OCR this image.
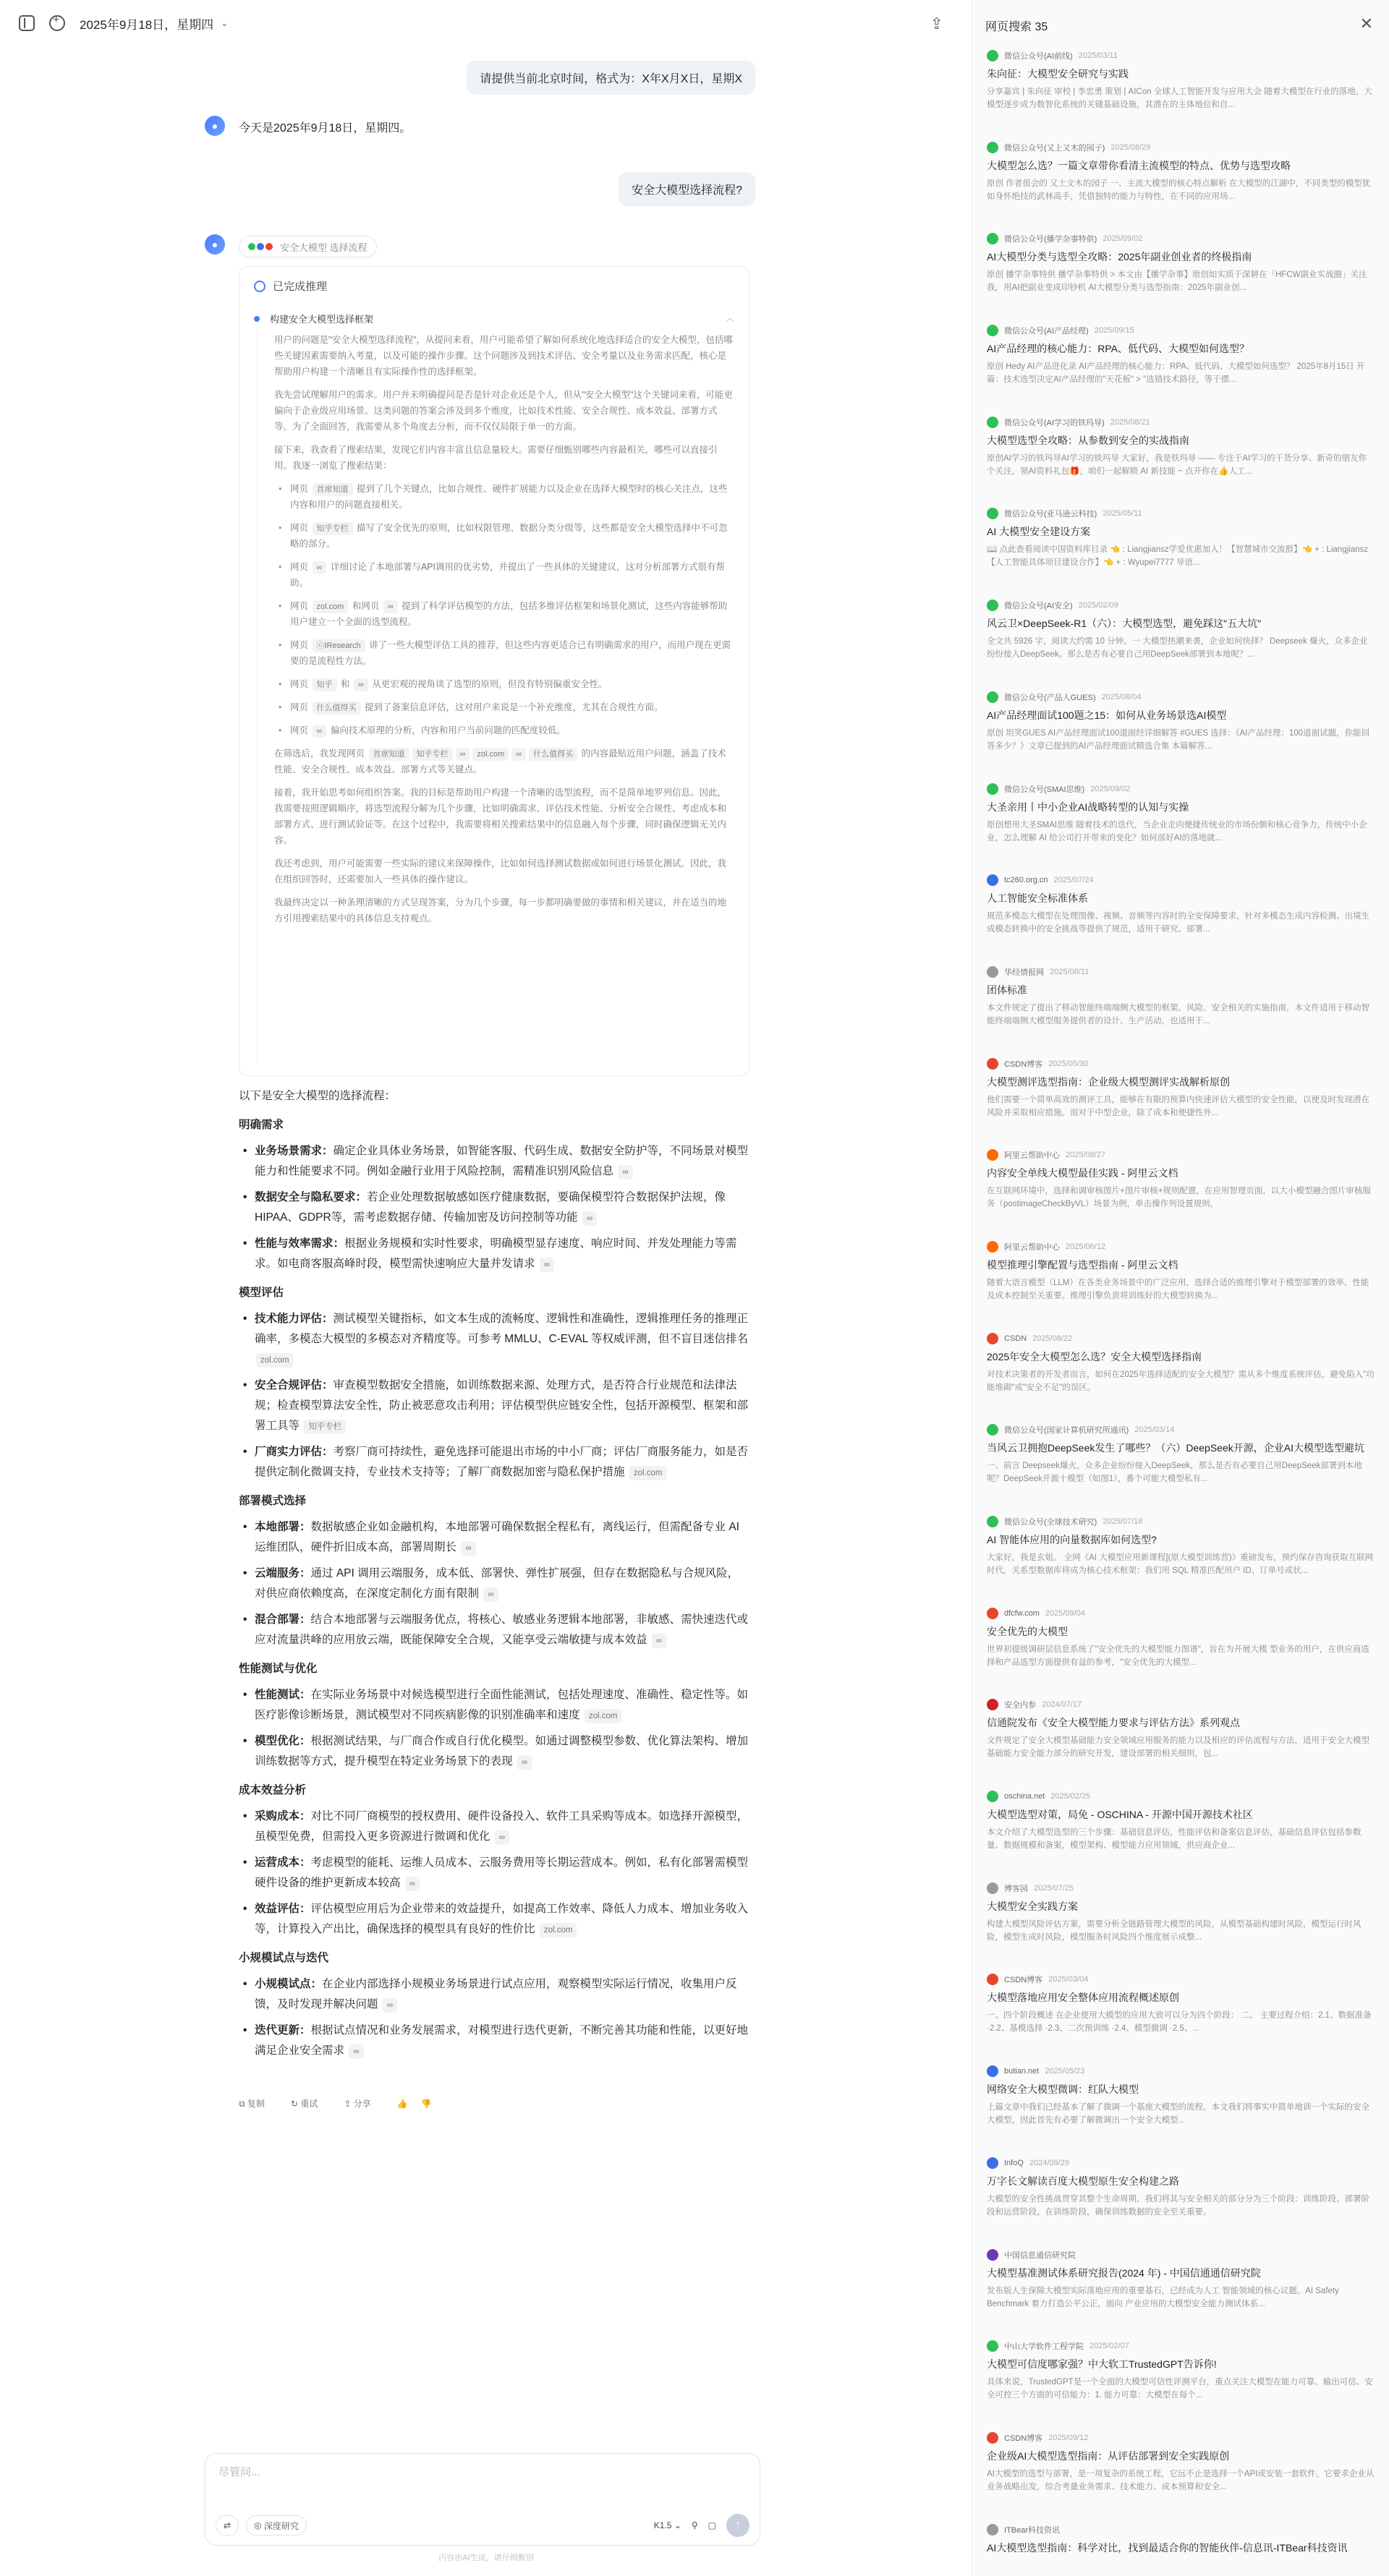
+
2025年9月18日，星期四 ⌄	⇪
请提供当前北京时间，格式为：X年X月X日，星期X
●	今天是2025年9月18日，星期四。
安全大模型选择流程?
●	安全大模型 选择流程
已完成推理
构建安全大模型选择框架	︿

用户的问题是"安全大模型选择流程"，从提问来看，用户可能希望了解如何系统化地选择适合的安全大模型，包括哪些关键因素需要纳入考量，以及可能的操作步骤。这个问题涉及到技术评估、安全考量以及业务需求匹配，核心是帮助用户构建一个清晰且有实际操作性的选择框架。

我先尝试理解用户的需求。用户并未明确提问是否是针对企业还是个人，但从"安全大模型"这个关键词来看，可能更偏向于企业级应用场景。这类问题的答案会涉及到多个维度，比如技术性能、安全合规性、成本效益、部署方式等。为了全面回答，我需要从多个角度去分析，而不仅仅局限于单一的方面。

接下来，我查看了搜索结果，发现它们内容丰富且信息量较大。需要仔细甄别哪些内容最相关，哪些可以直接引用。我逐一浏览了搜索结果：

• 网页 首席知道 提到了几个关键点，比如合规性、硬件扩展能力以及企业在选择大模型时的核心关注点，这些内容和用户的问题直接相关。
• 网页 知乎专栏 描写了安全优先的原则，比如权限管理、数据分类分级等，这些都是安全大模型选择中不可忽略的部分。
• 网页 ∞ 详细讨论了本地部署与API调用的优劣势，并提出了一些具体的关键建议，这对分析部署方式很有帮助。
• 网页 zol.com 和网页 ∞ 提到了科学评估模型的方法，包括多维评估框架和场景化测试，这些内容能够帮助用户建立一个全面的选型流程。
• 网页 ⓒIResearch 讲了一些大模型评估工具的推荐，但这些内容更适合已有明确需求的用户，而用户现在更需要的是流程性方法。
• 网页 知乎 和 ∞ 从更宏观的视角谈了选型的原则，但没有特别偏重安全性。
• 网页 什么值得买 提到了备案信息评估，这对用户来说是一个补充维度，尤其在合规性方面。
• 网页 ∞ 偏向技术原理的分析，内容和用户当前问题的匹配度较低。

在筛选后，我发现网页 首席知道 知乎专栏 ∞ zol.com ∞ 什么值得买 的内容最贴近用户问题，涵盖了技术性能、安全合规性、成本效益、部署方式等关键点。

接着，我开始思考如何组织答案。我的目标是帮助用户构建一个清晰的选型流程，而不是简单地罗列信息。因此，我需要按照逻辑顺序，将选型流程分解为几个步骤，比如明确需求、评估技术性能、分析安全合规性、考虑成本和部署方式、进行测试验证等。在这个过程中，我需要将相关搜索结果中的信息融入每个步骤，同时确保逻辑无关内容。

我还考虑到，用户可能需要一些实际的建议来保障操作，比如如何选择测试数据或如何进行场景化测试。因此，我在组织回答时，还需要加入一些具体的操作建议。

我最终决定以一种条理清晰的方式呈现答案，分为几个步骤，每一步都明确要做的事情和相关建议，并在适当的地方引用搜索结果中的具体信息支持观点。

以下是安全大模型的选择流程：
明确需求
• 业务场景需求：确定企业具体业务场景，如智能客服、代码生成、数据安全防护等，不同场景对模型能力和性能要求不同。例如金融行业用于风险控制，需精准识别风险信息 ∞
• 数据安全与隐私要求：若企业处理数据敏感如医疗健康数据，要确保模型符合数据保护法规，像HIPAA、GDPR等，需考虑数据存储、传输加密及访问控制等功能 ∞
• 性能与效率需求：根据业务规模和实时性要求，明确模型显存速度、响应时间、并发处理能力等需求。如电商客服高峰时段，模型需快速响应大量并发请求 ∞
模型评估
• 技术能力评估：测试模型关键指标，如文本生成的流畅度、逻辑性和准确性，逻辑推理任务的推理正确率，多模态大模型的多模态对齐精度等。可参考 MMLU、C-EVAL 等权威评测，但不盲目迷信排名 zol.com
• 安全合规评估：审查模型数据安全措施，如训练数据来源、处理方式，是否符合行业规范和法律法规；检查模型算法安全性，防止被恶意攻击利用；评估模型供应链安全性，包括开源模型、框架和部署工具等 知乎专栏
• 厂商实力评估：考察厂商可持续性，避免选择可能退出市场的中小厂商；评估厂商服务能力，如是否提供定制化微调支持，专业技术支持等；了解厂商数据加密与隐私保护措施 zol.com
部署模式选择
• 本地部署：数据敏感企业如金融机构，本地部署可确保数据全程私有，离线运行，但需配备专业 AI 运维团队，硬件折旧成本高，部署周期长 ∞
• 云端服务：通过 API 调用云端服务，成本低、部署快、弹性扩展强，但存在数据隐私与合规风险，对供应商依赖度高，在深度定制化方面有限制 ∞
• 混合部署：结合本地部署与云端服务优点，将核心、敏感业务逻辑本地部署，非敏感、需快速迭代或应对流量洪峰的应用放云端，既能保障安全合规，又能享受云端敏捷与成本效益 ∞
性能测试与优化
• 性能测试：在实际业务场景中对候选模型进行全面性能测试，包括处理速度、准确性、稳定性等。如医疗影像诊断场景，测试模型对不同疾病影像的识别准确率和速度 zol.com
• 模型优化：根据测试结果，与厂商合作或自行优化模型。如通过调整模型参数、优化算法架构、增加训练数据等方式，提升模型在特定业务场景下的表现 ∞
成本效益分析
• 采购成本：对比不同厂商模型的授权费用、硬件设备投入、软件工具采购等成本。如选择开源模型，虽模型免费，但需投入更多资源进行微调和优化 ∞
• 运营成本：考虑模型的能耗、运维人员成本、云服务费用等长期运营成本。例如，私有化部署需模型硬件设备的维护更新成本较高 ∞
• 效益评估：评估模型应用后为企业带来的效益提升，如提高工作效率、降低人力成本、增加业务收入等，计算投入产出比，确保选择的模型具有良好的性价比 zol.com
小规模试点与迭代
• 小规模试点：在企业内部选择小规模业务场景进行试点应用，观察模型实际运行情况，收集用户反馈，及时发现并解决问题 ∞
• 迭代更新：根据试点情况和业务发展需求，对模型进行迭代更新，不断完善其功能和性能，以更好地满足企业安全需求 ∞
⧉ 复制	↻ 重试	⇪ 分享	👍 👎
尽管问...
⇄	◎ 深度研究	K1.5 ⌄ ⚲ ▢	↑
内容由AI生成，请仔细甄别
网页搜索 35	✕
微信公众号(AI前线) 2025/03/11
朱向征：大模型安全研究与实践
分享嘉宾 | 朱向征 审校 | 李忠勇 策划 | AICon 全球人工智能开发与应用大会 随着大模型在行业的落地，大模型逐步成为数智化系统的关键基础设施，其潜在的主体地位和自...
微信公众号(又上又木的园子) 2025/08/29
大模型怎么选？一篇文章带你看清主流模型的特点、优势与选型攻略
原创 作者很会的 又土文木的园子 一、主流大模型的核心特点解析 在大模型的江湖中，不同类型的模型犹如身怀绝技的武林高手，凭借独特的能力与特性，在不同的应用场...
微信公众号(播学杂事特供) 2025/09/02
AI大模型分类与选型全攻略：2025年副业创业者的终极指南
原创 播学杂事特供 播学杂事特供 > 本文由【播学杂事】原创如实质于深耕在「HFCW副业实战圈」关注我，用AI把副业变成印钞机 AI大模型分类与选型指南：2025年副业创...
微信公众号(AI产品经理) 2025/09/15
AI产品经理的核心能力：RPA、低代码、大模型如何选型？
原创 Hedy AI产品进化录 AI产品经理的核心能力：RPA、低代码、大模型如何选型？ 2025年8月15日 开篇：技术选型决定AI产品经理的"天花板" > "选错技术路径，等于摆...
微信公众号(AI学习的铁玛导) 2025/08/21
大模型选型全攻略：从参数到安全的实战指南
原创AI学习的铁玛导AI学习的铁玛导 大家好，我是铁玛导 —— 专注于AI学习的干货分享、新奇的朋友你个关注，领AI资料礼包🎁，咱们一起解锁 AI 新技能 ~ 点开你在👍人工...
微信公众号(亚马逊云科技) 2025/05/11
AI 大模型安全建设方案
📖 点此查看阅读中国资料库目录 👈 : Liangjiansz学爱优惠加入！【智慧城市交流群】👈 + : Liangjiansz【人工智能具体项目建设合作】👈 + : Wyupei7777 导语...
微信公众号(AI安全) 2025/02/09
风云卫×DeepSeek-R1（六）：大模型选型，避免踩这"五大坑"
全文共 5926 字，阅读大约需 10 分钟。一 大模型热潮来袭，企业如何快择？ Deepseek 爆火，众多企业纷纷接入DeepSeek。那么是否有必要自己用DeepSeek部署到本地呢？...
微信公众号(产品人GUES) 2025/08/04
AI产品经理面试100题之15：如何从业务场景选AI模型
原创 坦笑GUES AI产品经理面试100道面经详细解答 #GUES 选择：《AI产品经理：100道面试题，你能回答多少？》文章已提到的AI产品经理面试精选合集 本篇解答...
微信公众号(SMAI思维) 2025/09/02
大圣亲用丨中小企业AI战略转型的认知与实操
原创想用大圣SMAI思维 随着技术的迭代，当企业走向便捷传统业的市场份额和核心竞争力，传统中小企业，怎么理解 AI 给公司打开带来的变化？如何部好AI的落地就...
tc260.org.cn 2025/07/24
人工智能安全标准体系
规范多模态大模型在处理图像、视频、音频等内容时的全安保障要求，针对多模态生成内容检测、出境生成模态转换中的安全挑战等提供了规范，适用于研究、部署...
华经情报网 2025/08/11
团体标准
本文件规定了提出了移动智能终端端侧大模型的框架、风险、安全相关的实施指南，本文件适用于移动智能终端端侧大模型服务提供者的设计、生产活动，也适用于...
CSDN博客 2025/05/30
大模型测评选型指南：企业级大模型测评实战解析原创
他们需要一个简单高效的测评工具，能够在有限的预算内快速评估大模型的安全性能，以便及时发现潜在风险并采取相应措施。而对于中型企业，除了成本和便捷性外...
阿里云帮助中心 2025/08/27
内容安全单线大模型最佳实践 - 阿里云文档
在互联网环境中，选择和调审核图片+图片审核+规则配置，在应用智理页面，以大小模型融合图片审核服务（postimageCheckByVL）场景为例，单击操作列设置规则。
阿里云帮助中心 2025/06/12
模型推理引擎配置与选型指南 - 阿里云文档
随着大语言模型（LLM）在各类业务场景中的广泛应用，选择合适的推理引擎对于模型部署的效率、性能及成本控制至关重要。推理引擎负责将训练好的大模型转换为...
CSDN 2025/08/22
2025年安全大模型怎么选？安全大模型选择指南
对技术决策者的开发者而言，如何在2025年选择适配的安全大模型？需从多个维度系统评估，避免陷入"功能堆砌"或"安全不足"的误区。
微信公众号(国家计算机研究所通讯) 2025/03/14
当风云卫拥抱DeepSeek发生了哪些？（六）DeepSeek开源，企业AI大模型选型避坑
一、前言 Deepseek爆火，众多企业纷纷接入DeepSeek，那么是否有必要自己用DeepSeek部署到本地呢？DeepSeek开源十模型（如图1），番个可能大模型私有...
微信公众号(全球技术研究) 2025/07/18
AI 智能体应用的向量数据库如何选型?
大家好，我是玄姐。 全网《AI 大模型应用新课程](原大模型训练营)》重磅发布，预约保存咨询获取互联网时代，关系型数据库将成为核心技术框架：我们用 SQL 精准匹配用户 ID、订单号或状...
dfcfw.com 2025/09/04
安全优先的大模型
世界初提级调研层信息系统了"安全优先的大模型能力图谱"，旨在为开展大模 型业务的用户，在供应商选择和产品选型方面提供有益的参考，"安全优先的大模型...
安全内参 2024/07/17
信通院发布《安全大模型能力要求与评估方法》系列观点
文件规定了安全大模型基础能力安全领域应用服务的能力以及相应的评估流程与方法，适用于安全大模型基础能力安全能力部分的研究开发，建设部署的相关细则，包...
oschina.net 2025/02/25
大模型选型对策，局免 - OSCHINA - 开源中国开源技术社区
本文介绍了大模型选型的三个步骤：基础信息评估，性能评估和备案信息评估，基础信息评估包括参数量、数据规模和备案，模型架构、模型能力应用领域，供应商企业...
博客园 2025/07/25
大模型安全实践方案
构建大模型风险评估方案，需要分析全链路管理大模型的风险，从模型基础构建时风险，模型运行时风险，模型生成时风险，模型服务时风险四个维度展示成整...
CSDN博客 2025/03/04
大模型落地应用安全整体应用流程概述原创
一、四个阶段概述 在企业使用大模型的应用大致可以分为四个阶段： 二、 主要过程介绍：2.1、数据准备 ·2.2、基模选择 ·2.3、二次预训练 ·2.4、模型微调 ·2.5、...
butian.net 2025/05/23
网络安全大模型微调：红队大模型
上篇文章中我们已经基本了解了微调一个基座大模型的流程。本文我们将事实中简单地训一个实际的安全大模型，因此首先有必要了解微调出一个安全大模型...
InfoQ 2024/09/29
万字长文解读百度大模型原生安全构建之路
大模型的安全性挑战贯穿其整个生命周期，我们将其与安全相关的部分分为三个阶段：训练阶段、部署阶段和运营阶段。在训练阶段，确保训练数据的安全至关重要。
中国信息通信研究院
大模型基准测试体系研究报告(2024 年) - 中国信通通信研究院
发布版人生保障大模型实际落地应用的重要基石，已经成为人工 智能领域的核心议题。AI Safety Benchmark 着力打造公平公正，面向 产业应用的大模型安全能力测试体系...
中山大学软件工程学院 2025/02/07
大模型可信度哪家强？中大软工TrustedGPT告诉你!
具体来说，TrustedGPT是一个全面的大模型可信性评测平台，重点关注大模型在能力可靠、输出可信、安全可控三个方面的可信能力：1. 能力可靠：大模型在每个...
CSDN博客 2025/09/12
企业级AI大模型选型指南：从评估部署到安全实践原创
AI大模型的选型与部署，是一项复杂的系统工程，它远不止是选择一个API或安装一套软件。它要求企业从业务战略出发，综合考量业务需求、技术能力、成本预算和安全...
ITBear科技资讯
AI大模型选型指南：科学对比，找到最适合你的智能伙伴-信息讯-ITBear科技资讯
